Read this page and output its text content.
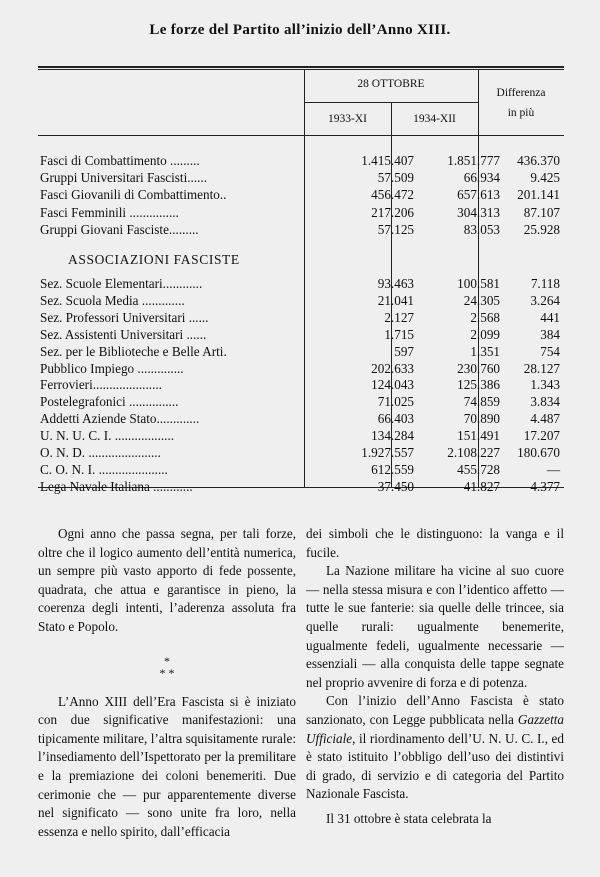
Le forze del Partito all’inizio dell’Anno XIII.
28 OTTOBRE
1933-XI	1934-XII
Differenza
in più
Fasci di Combattimento .........	1.415.407	1.851.777	436.370
Gruppi Universitari Fascisti......	57.509	66.934	9.425
Fasci Giovanili di Combattimento..	456.472	657.613	201.141
Fasci Femminili ...............	217.206	304.313	87.107
Gruppi Giovani Fasciste.........	57.125	83.053	25.928
ASSOCIAZIONI FASCISTE
Sez. Scuole Elementari............	93.463	100.581	7.118
Sez. Scuola Media .............	21.041	24.305	3.264
Sez. Professori Universitari ......	2.127	2.568	441
Sez. Assistenti Universitari ......	1.715	2.099	384
Sez. per le Biblioteche e Belle Arti.	597	1.351	754
Pubblico Impiego ..............	202.633	230.760	28.127
Ferrovieri.....................	124.043	125.386	1.343
Postelegrafonici ...............	71.025	74.859	3.834
Addetti Aziende Stato.............	66.403	70.890	4.487
U. N. U. C. I. ..................	134.284	151.491	17.207
O. N. D. ......................	1.927.557	2.108.227	180.670
C. O. N. I. .....................	612.559	455.728	—
Lega Navale Italiana ............	37.450	41.827	4.377

Ogni anno che passa segna, per tali forze, oltre che il logico aumento dell’entità numerica, un sempre più vasto apporto di fede possente, quadrata, che attua e garantisce in pieno, la coerenza degli intenti, l’aderenza assoluta fra Stato e Popolo.

*
* *

L’Anno XIII dell’Era Fascista si è iniziato con due significative manifestazioni: una tipicamente militare, l’altra squisitamente rurale: l’insediamento dell’Ispettorato per la premilitare e la premiazione dei coloni benemeriti. Due cerimonie che — pur apparentemente diverse nel significato — sono unite fra loro, nella essenza e nello spirito, dall’efficacia

dei simboli che le distinguono: la vanga e il fucile.

La Nazione militare ha vicine al suo cuore — nella stessa misura e con l’identico affetto — tutte le sue fanterie: sia quelle delle trincee, sia quelle rurali: ugualmente benemerite, ugualmente fedeli, ugualmente necessarie — essenziali — alla conquista delle tappe segnate nel proprio avvenire di forza e di potenza.

Con l’inizio dell’Anno Fascista è stato sanzionato, con Legge pubblicata nella Gazzetta Ufficiale, il riordinamento dell’U. N. U. C. I., ed è stato istituito l’obbligo dell’uso dei distintivi di grado, di servizio e di categoria del Partito Nazionale Fascista.

Il 31 ottobre è stata celebrata la
